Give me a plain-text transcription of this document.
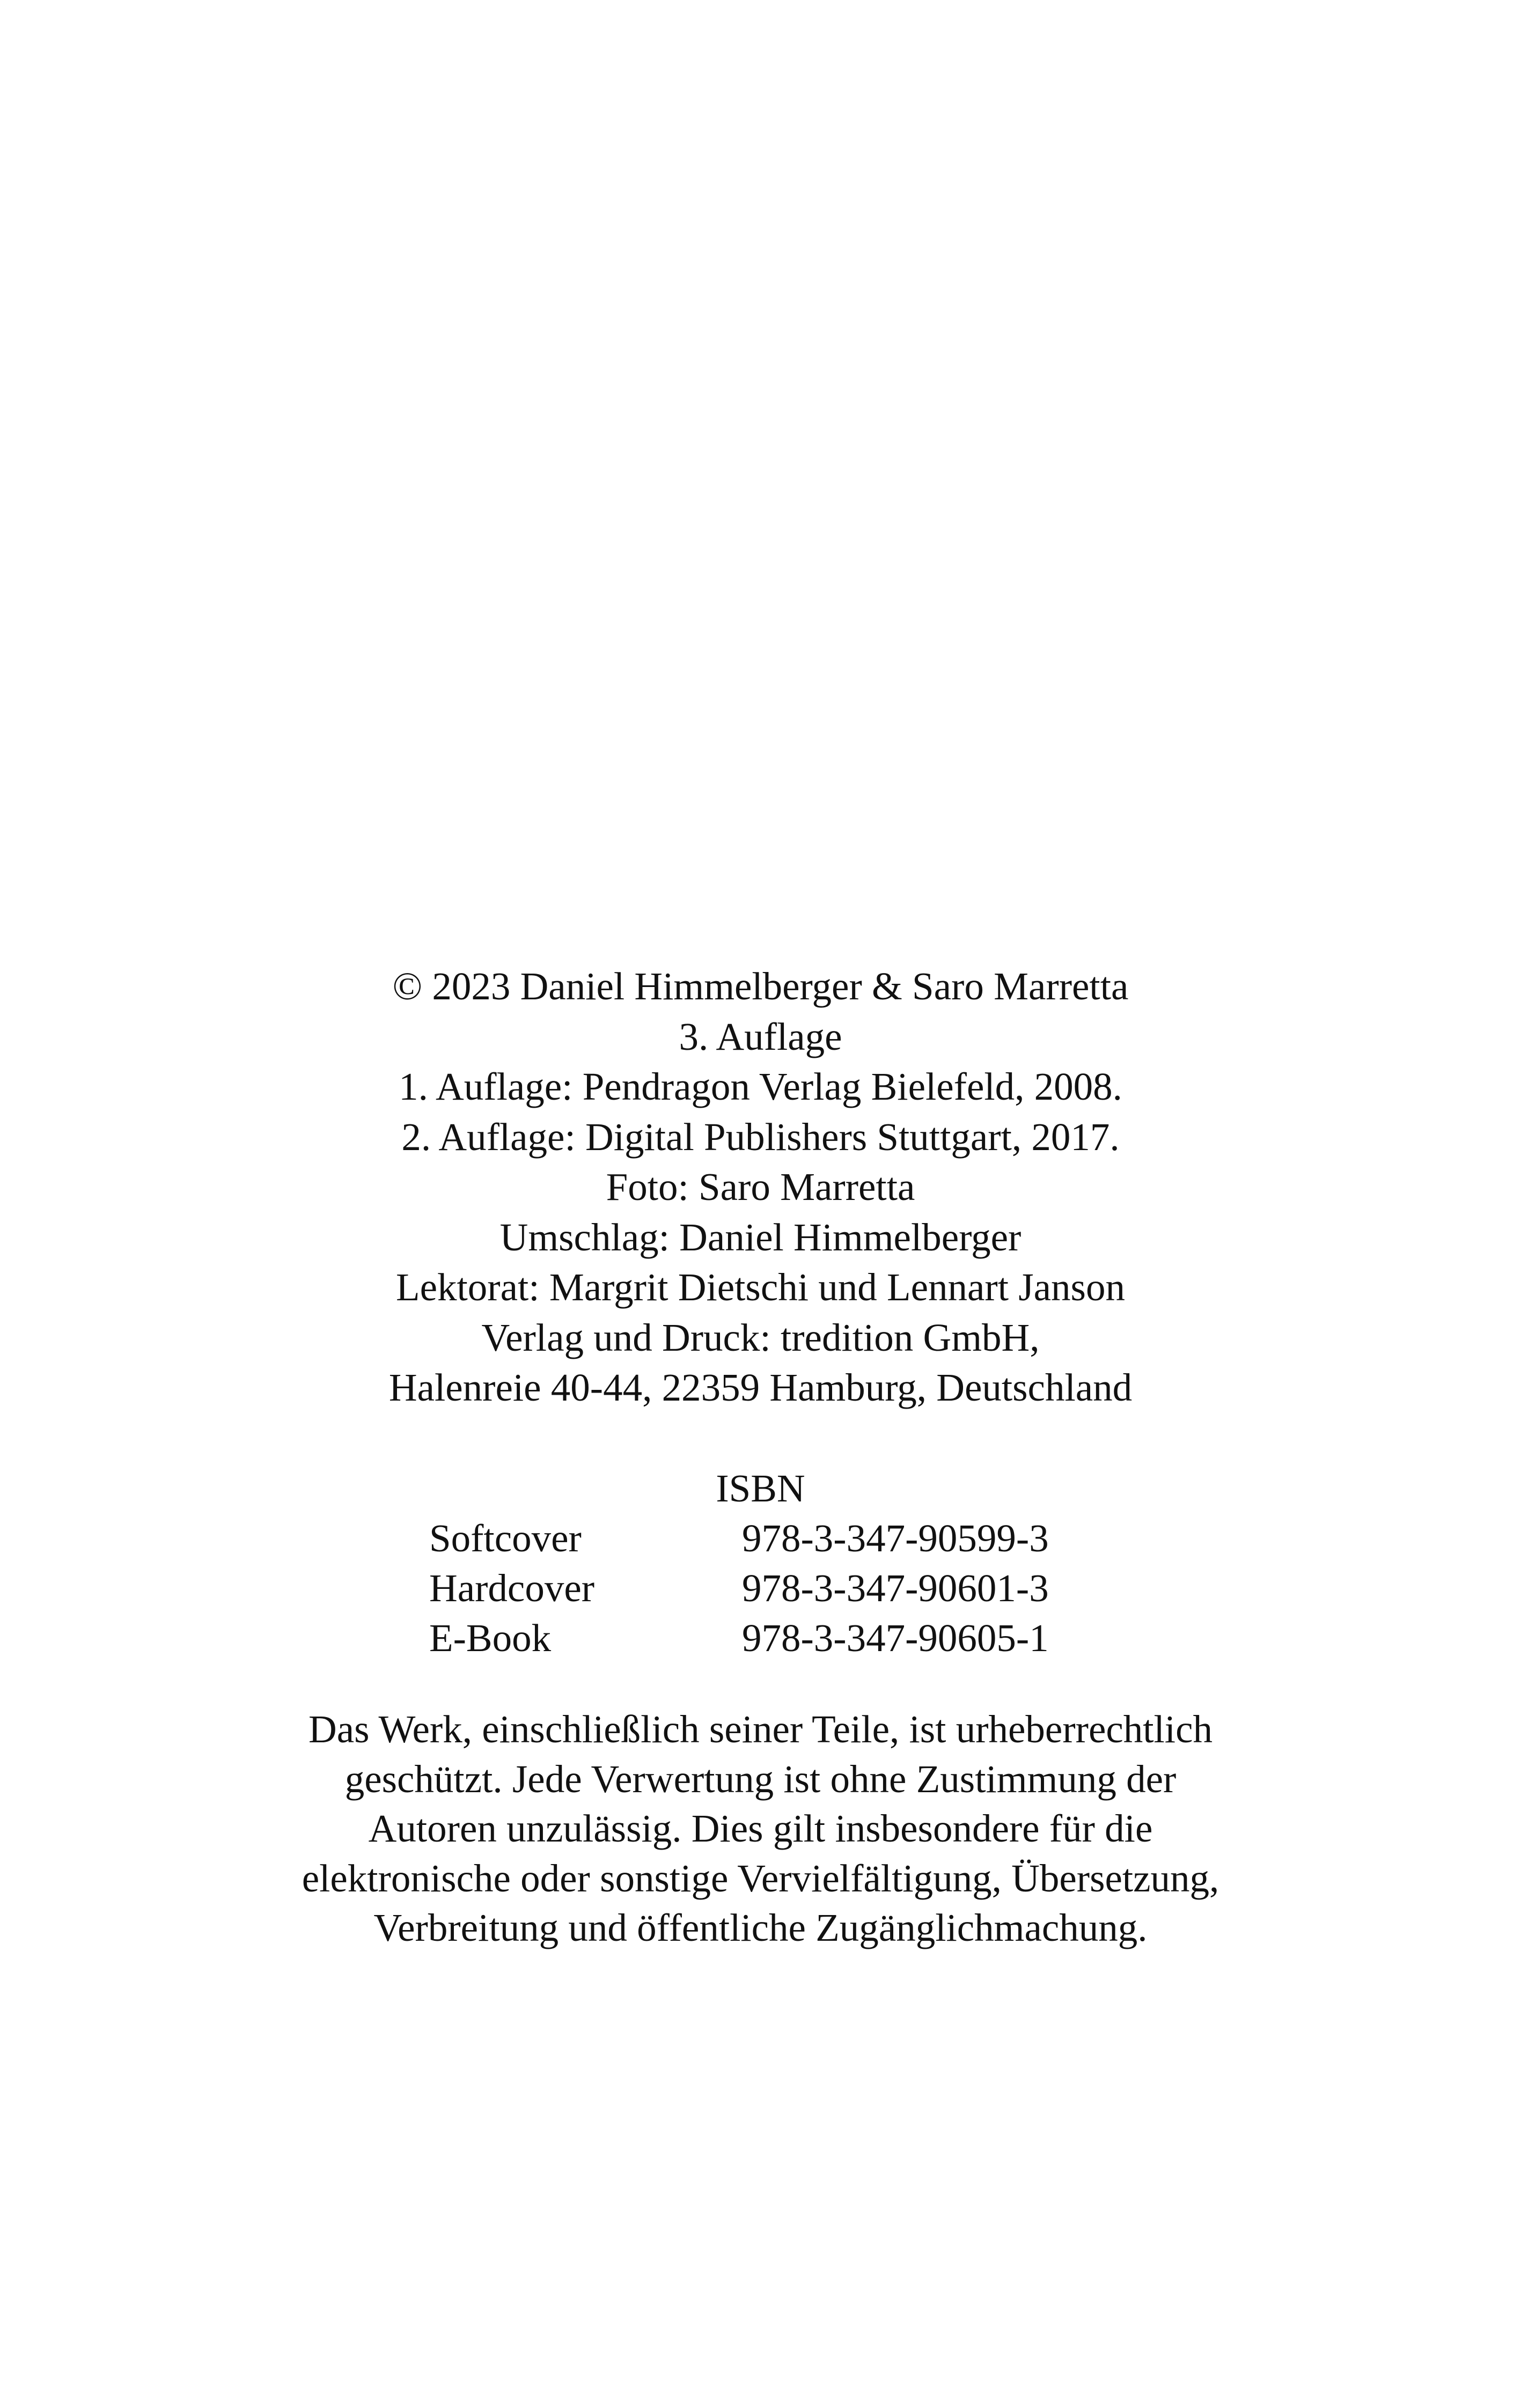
© 2023 Daniel Himmelberger & Saro Marretta
3. Auflage
1. Auflage: Pendragon Verlag Bielefeld, 2008.
2. Auflage: Digital Publishers Stuttgart, 2017.
Foto: Saro Marretta
Umschlag: Daniel Himmelberger
Lektorat: Margrit Dietschi und Lennart Janson
Verlag und Druck: tredition GmbH,
Halenreie 40-44, 22359 Hamburg, Deutschland
ISBN
Softcover	978-3-347-90599-3
Hardcover	978-3-347-90601-3
E-Book	978-3-347-90605-1
Das Werk, einschließlich seiner Teile, ist urheberrechtlich
geschützt. Jede Verwertung ist ohne Zustimmung der
Autoren unzulässig. Dies gilt insbesondere für die
elektronische oder sonstige Vervielfältigung, Übersetzung,
Verbreitung und öffentliche Zugänglichmachung.
